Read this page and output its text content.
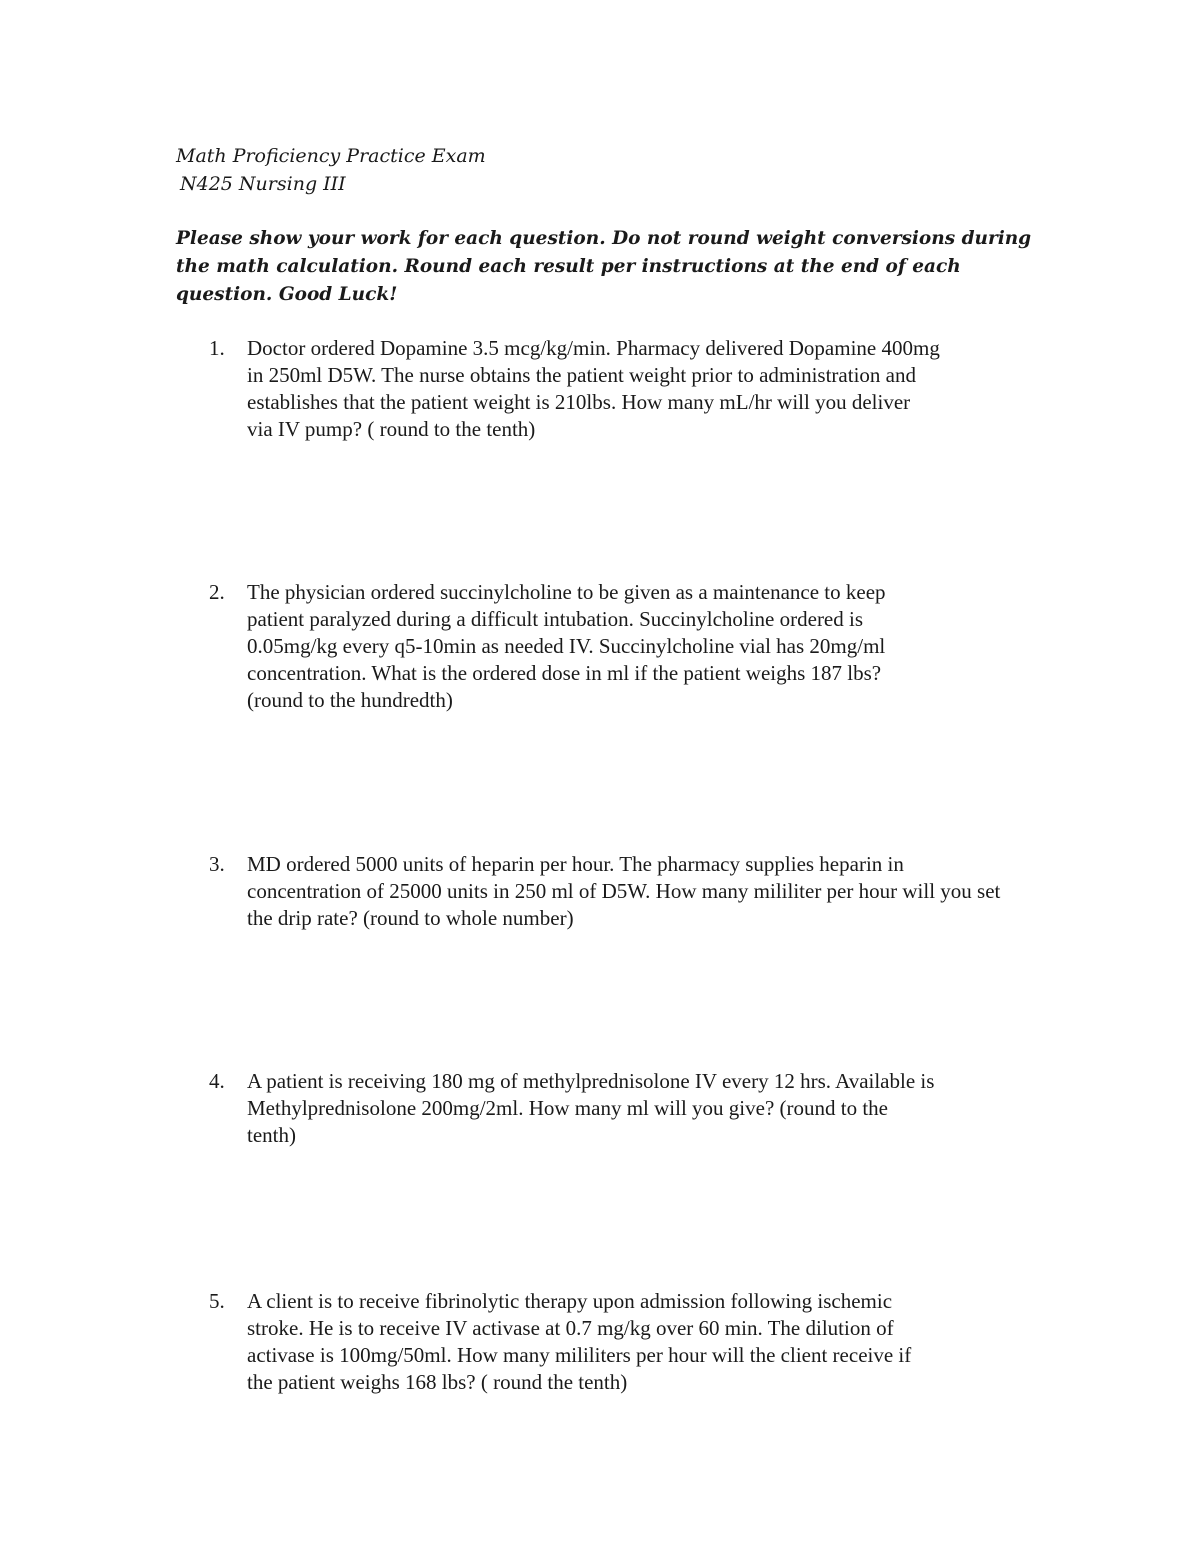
Math Proficiency Practice Exam
N425 Nursing III
Please show your work for each question. Do not round weight conversions during the math calculation. Round each result per instructions at the end of each question. Good Luck!
1. Doctor ordered Dopamine 3.5 mcg/kg/min. Pharmacy delivered Dopamine 400mg
in 250ml D5W. The nurse obtains the patient weight prior to administration and
establishes that the patient weight is 210lbs. How many mL/hr will you deliver
via IV pump? ( round to the tenth)
2. The physician ordered succinylcholine to be given as a maintenance to keep
patient paralyzed during a difficult intubation. Succinylcholine ordered is
0.05mg/kg every q5-10min as needed IV. Succinylcholine vial has 20mg/ml
concentration. What is the ordered dose in ml if the patient weighs 187 lbs?
(round to the hundredth)
3. MD ordered 5000 units of heparin per hour. The pharmacy supplies heparin in
concentration of 25000 units in 250 ml of D5W. How many mililiter per hour will you set
the drip rate? (round to whole number)
4. A patient is receiving 180 mg of methylprednisolone IV every 12 hrs. Available is
Methylprednisolone 200mg/2ml. How many ml will you give? (round to the
tenth)
5. A client is to receive fibrinolytic therapy upon admission following ischemic
stroke. He is to receive IV activase at 0.7 mg/kg over 60 min. The dilution of
activase is 100mg/50ml. How many mililiters per hour will the client receive if
the patient weighs 168 lbs? ( round the tenth)
